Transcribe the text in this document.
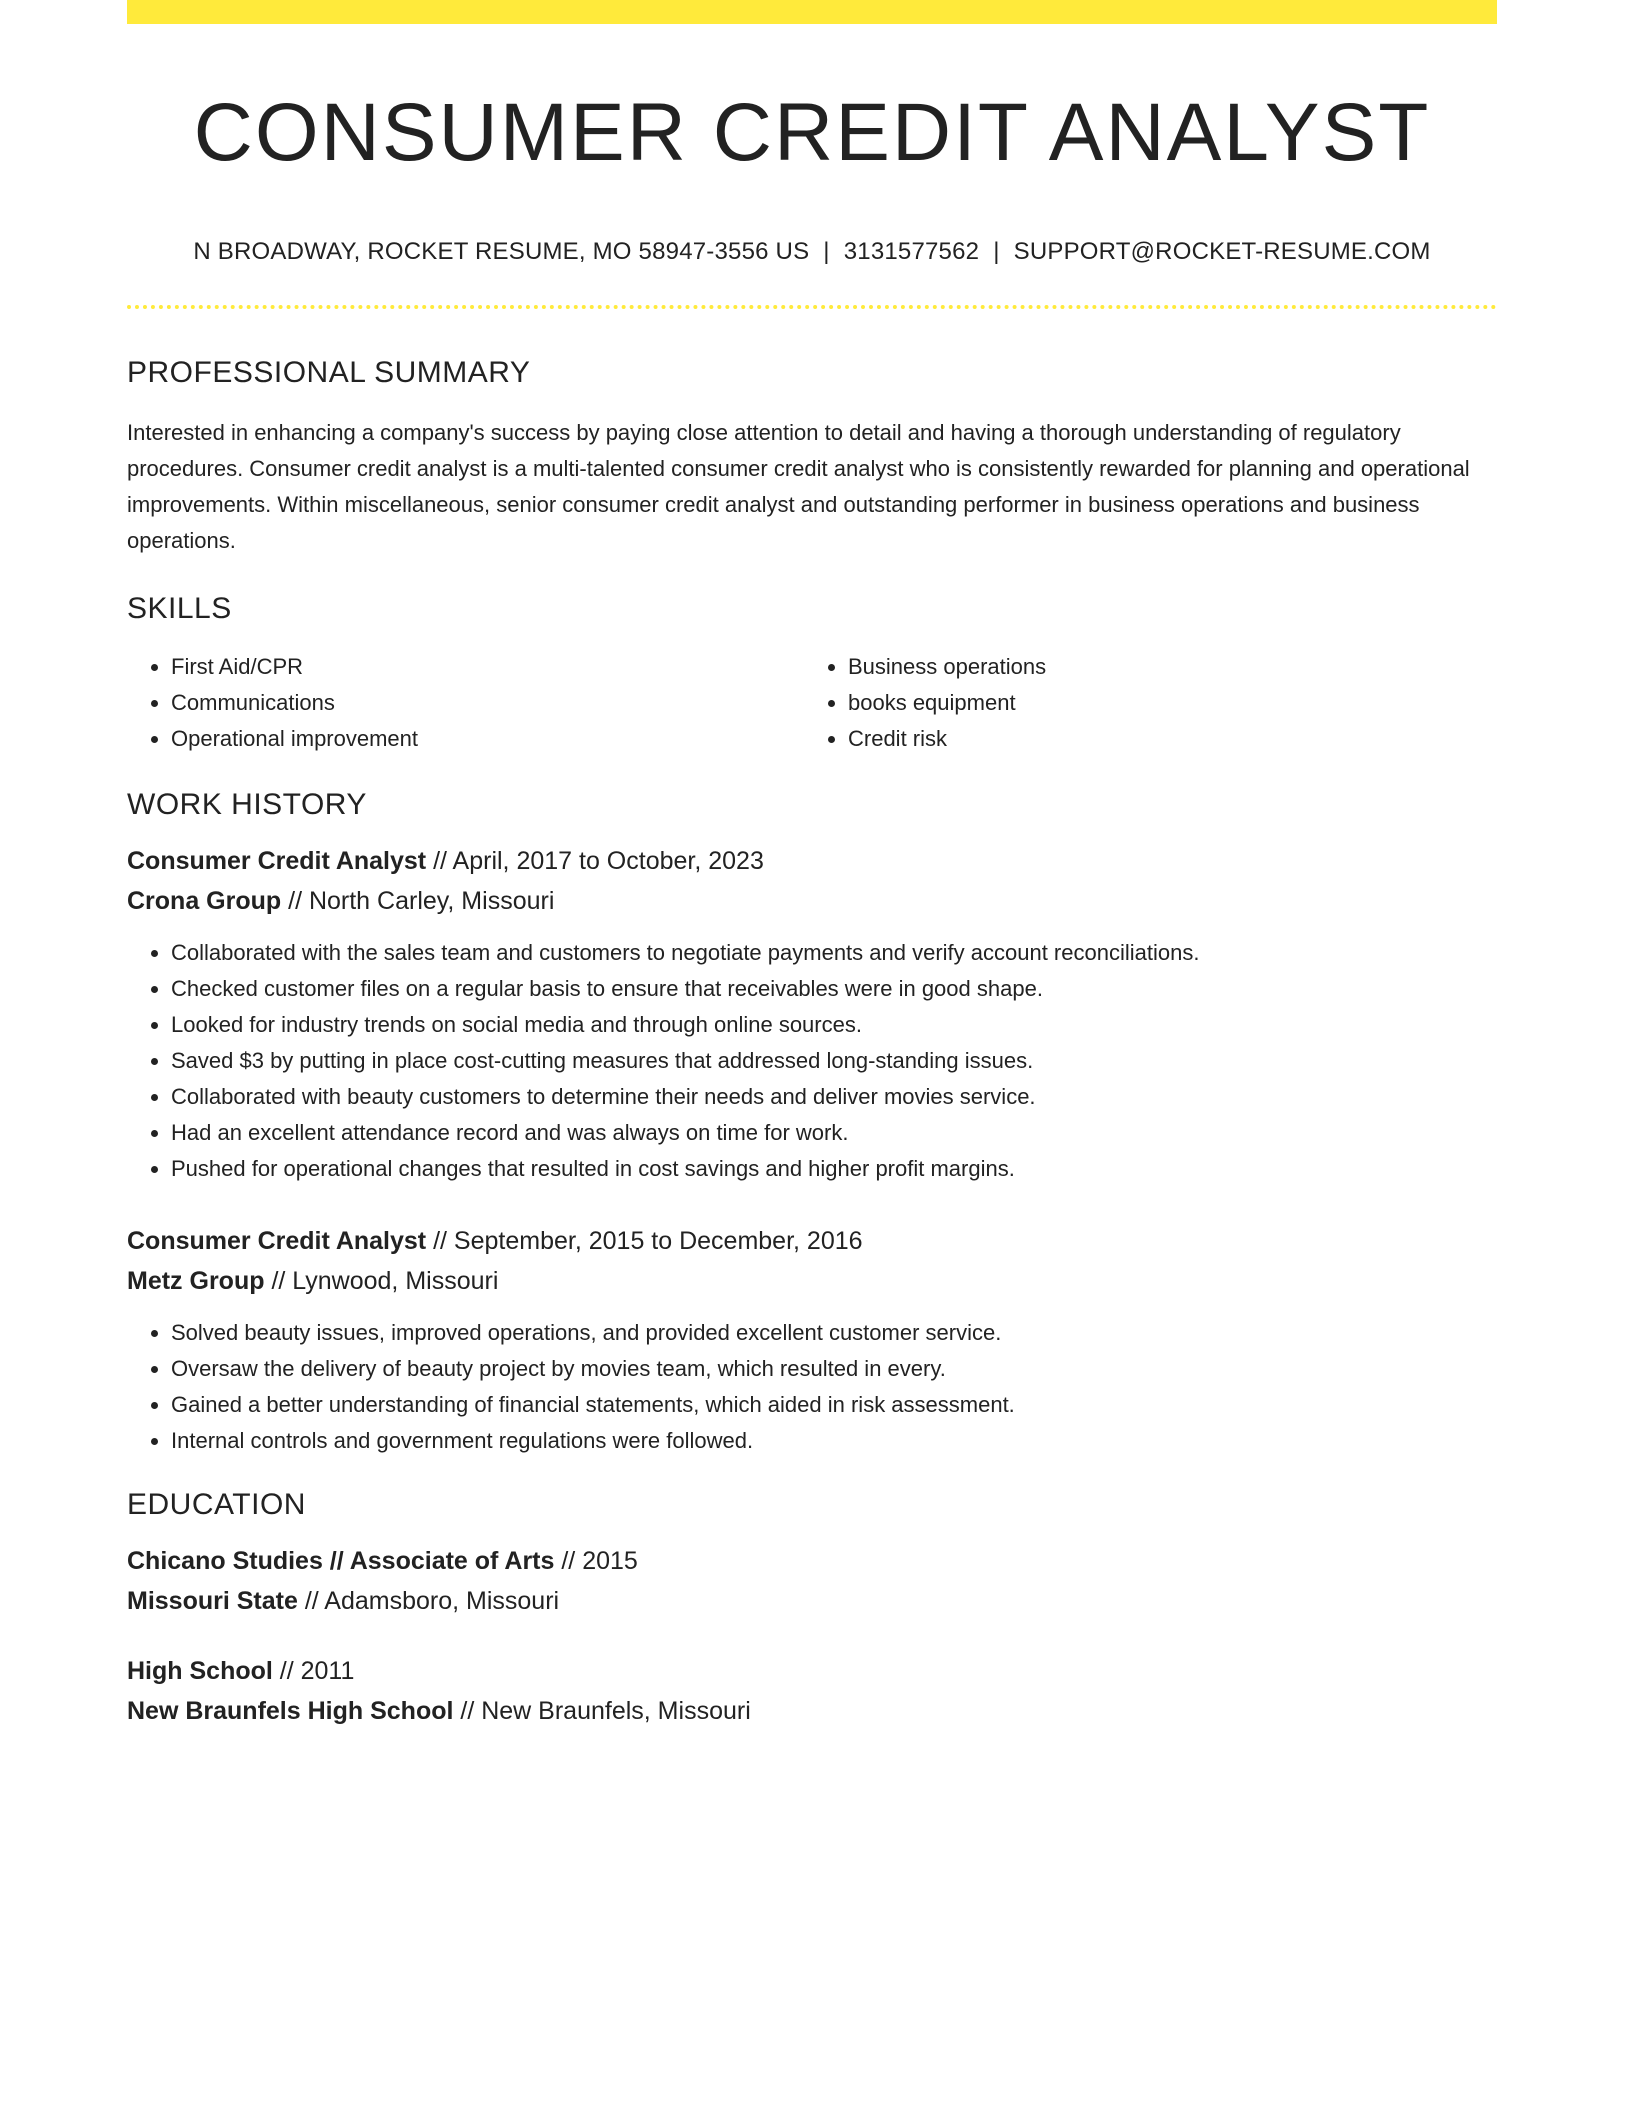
CONSUMER CREDIT ANALYST
N BROADWAY, ROCKET RESUME, MO 58947-3556 US | 3131577562 | SUPPORT@ROCKET-RESUME.COM
PROFESSIONAL SUMMARY

Interested in enhancing a company's success by paying close attention to detail and having a thorough understanding of regulatory procedures. Consumer credit analyst is a multi-talented consumer credit analyst who is consistently rewarded for planning and operational improvements. Within miscellaneous, senior consumer credit analyst and outstanding performer in business operations and business operations.

SKILLS
• First Aid/CPR
• Communications
• Operational improvement
• Business operations
• books equipment
• Credit risk
WORK HISTORY
Consumer Credit Analyst // April, 2017 to October, 2023
Crona Group // North Carley, Missouri
• Collaborated with the sales team and customers to negotiate payments and verify account reconciliations.
• Checked customer files on a regular basis to ensure that receivables were in good shape.
• Looked for industry trends on social media and through online sources.
• Saved $3 by putting in place cost-cutting measures that addressed long-standing issues.
• Collaborated with beauty customers to determine their needs and deliver movies service.
• Had an excellent attendance record and was always on time for work.
• Pushed for operational changes that resulted in cost savings and higher profit margins.
Consumer Credit Analyst // September, 2015 to December, 2016
Metz Group // Lynwood, Missouri
• Solved beauty issues, improved operations, and provided excellent customer service.
• Oversaw the delivery of beauty project by movies team, which resulted in every.
• Gained a better understanding of financial statements, which aided in risk assessment.
• Internal controls and government regulations were followed.
EDUCATION
Chicano Studies // Associate of Arts // 2015
Missouri State // Adamsboro, Missouri
High School // 2011
New Braunfels High School // New Braunfels, Missouri
